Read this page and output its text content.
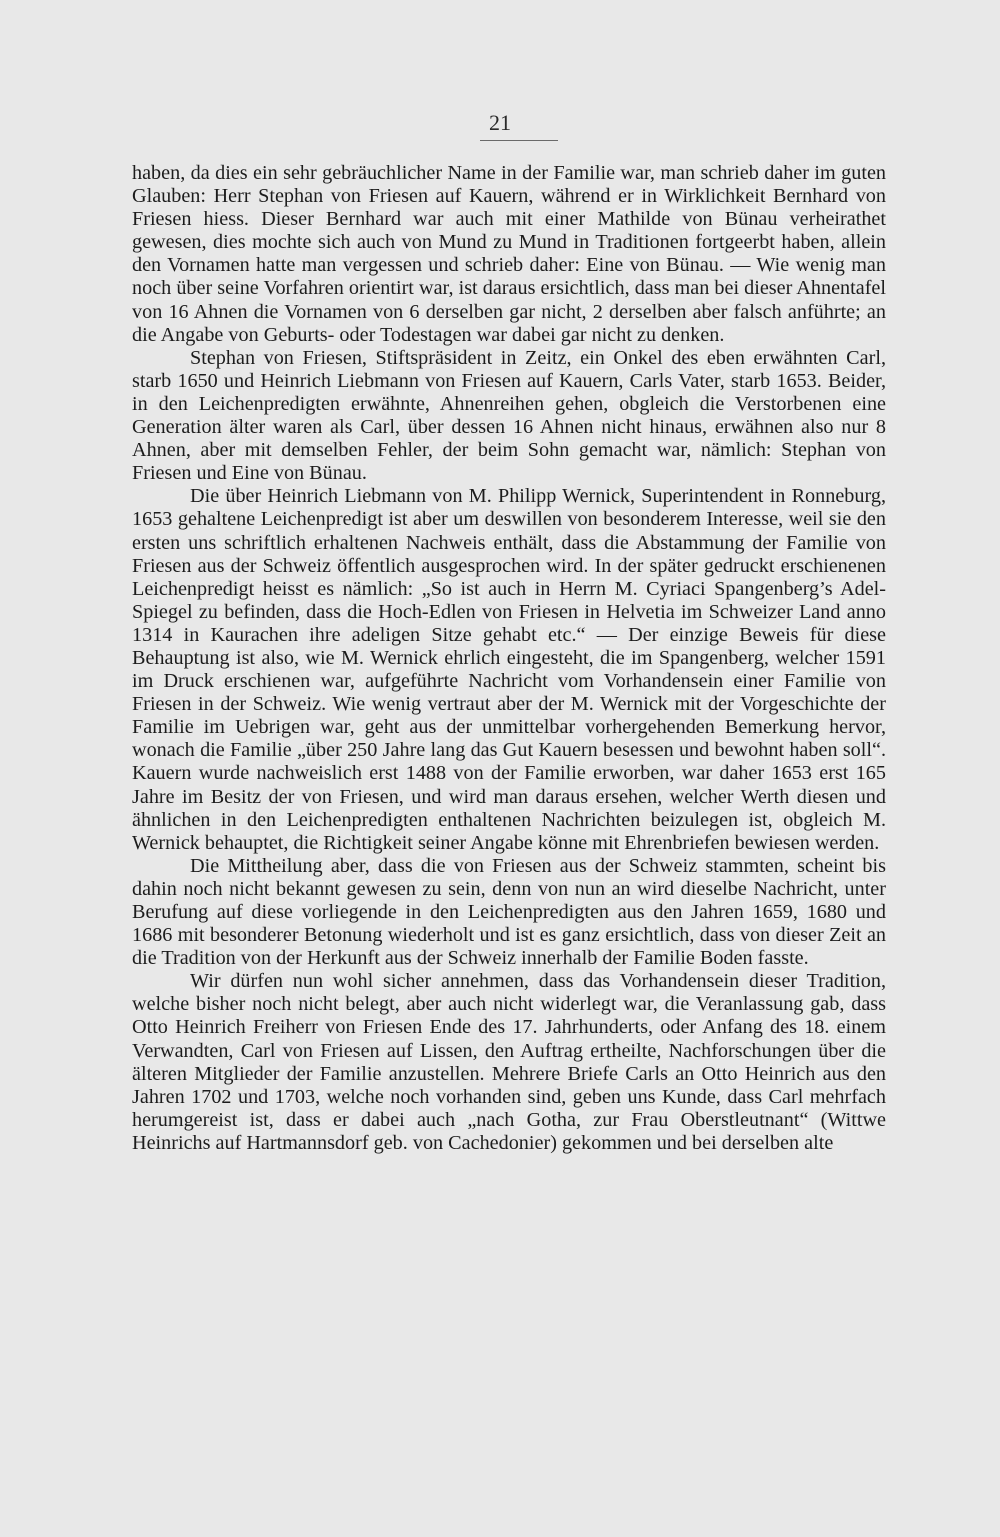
21

haben, da dies ein sehr gebräuchlicher Name in der Familie war, man schrieb daher im guten Glauben: Herr Stephan von Friesen auf Kauern, während er in Wirklichkeit Bernhard von Friesen hiess. Dieser Bernhard war auch mit einer Mathilde von Bünau verheirathet gewesen, dies mochte sich auch von Mund zu Mund in Traditionen fortgeerbt haben, allein den Vornamen hatte man vergessen und schrieb daher: Eine von Bünau. — Wie wenig man noch über seine Vorfahren orientirt war, ist daraus ersichtlich, dass man bei dieser Ahnentafel von 16 Ahnen die Vornamen von 6 derselben gar nicht, 2 derselben aber falsch anführte; an die Angabe von Geburts- oder Todestagen war dabei gar nicht zu denken.

Stephan von Friesen, Stiftspräsident in Zeitz, ein Onkel des eben erwähnten Carl, starb 1650 und Heinrich Liebmann von Friesen auf Kauern, Carls Vater, starb 1653. Beider, in den Leichenpredigten erwähnte, Ahnenreihen gehen, obgleich die Verstorbenen eine Generation älter waren als Carl, über dessen 16 Ahnen nicht hinaus, erwähnen also nur 8 Ahnen, aber mit demselben Fehler, der beim Sohn gemacht war, nämlich: Stephan von Friesen und Eine von Bünau.

Die über Heinrich Liebmann von M. Philipp Wernick, Superintendent in Ronneburg, 1653 gehaltene Leichenpredigt ist aber um deswillen von besonderem Interesse, weil sie den ersten uns schriftlich erhaltenen Nachweis enthält, dass die Abstammung der Familie von Friesen aus der Schweiz öffentlich ausgesprochen wird. In der später gedruckt erschienenen Leichenpredigt heisst es nämlich: „So ist auch in Herrn M. Cyriaci Spangenberg’s Adel-Spiegel zu befinden, dass die Hoch-Edlen von Friesen in Helvetia im Schweizer Land anno 1314 in Kaurachen ihre adeligen Sitze gehabt etc.“ — Der einzige Beweis für diese Behauptung ist also, wie M. Wernick ehrlich eingesteht, die im Spangenberg, welcher 1591 im Druck erschienen war, aufgeführte Nachricht vom Vorhandensein einer Familie von Friesen in der Schweiz. Wie wenig vertraut aber der M. Wernick mit der Vorgeschichte der Familie im Uebrigen war, geht aus der unmittelbar vorhergehenden Bemerkung hervor, wonach die Familie „über 250 Jahre lang das Gut Kauern besessen und bewohnt haben soll“. Kauern wurde nachweislich erst 1488 von der Familie erworben, war daher 1653 erst 165 Jahre im Besitz der von Friesen, und wird man daraus ersehen, welcher Werth diesen und ähnlichen in den Leichenpredigten enthaltenen Nachrichten beizulegen ist, obgleich M. Wernick behauptet, die Richtigkeit seiner Angabe könne mit Ehrenbriefen bewiesen werden.

Die Mittheilung aber, dass die von Friesen aus der Schweiz stammten, scheint bis dahin noch nicht bekannt gewesen zu sein, denn von nun an wird dieselbe Nachricht, unter Berufung auf diese vorliegende in den Leichenpredigten aus den Jahren 1659, 1680 und 1686 mit besonderer Betonung wiederholt und ist es ganz ersichtlich, dass von dieser Zeit an die Tradition von der Herkunft aus der Schweiz innerhalb der Familie Boden fasste.

Wir dürfen nun wohl sicher annehmen, dass das Vorhandensein dieser Tradition, welche bisher noch nicht belegt, aber auch nicht widerlegt war, die Veranlassung gab, dass Otto Heinrich Freiherr von Friesen Ende des 17. Jahrhunderts, oder Anfang des 18. einem Verwandten, Carl von Friesen auf Lissen, den Auftrag ertheilte, Nachforschungen über die älteren Mitglieder der Familie anzustellen. Mehrere Briefe Carls an Otto Heinrich aus den Jahren 1702 und 1703, welche noch vorhanden sind, geben uns Kunde, dass Carl mehrfach herumgereist ist, dass er dabei auch „nach Gotha, zur Frau Oberstleutnant“ (Wittwe Heinrichs auf Hartmannsdorf geb. von Cachedonier) gekommen und bei derselben alte
